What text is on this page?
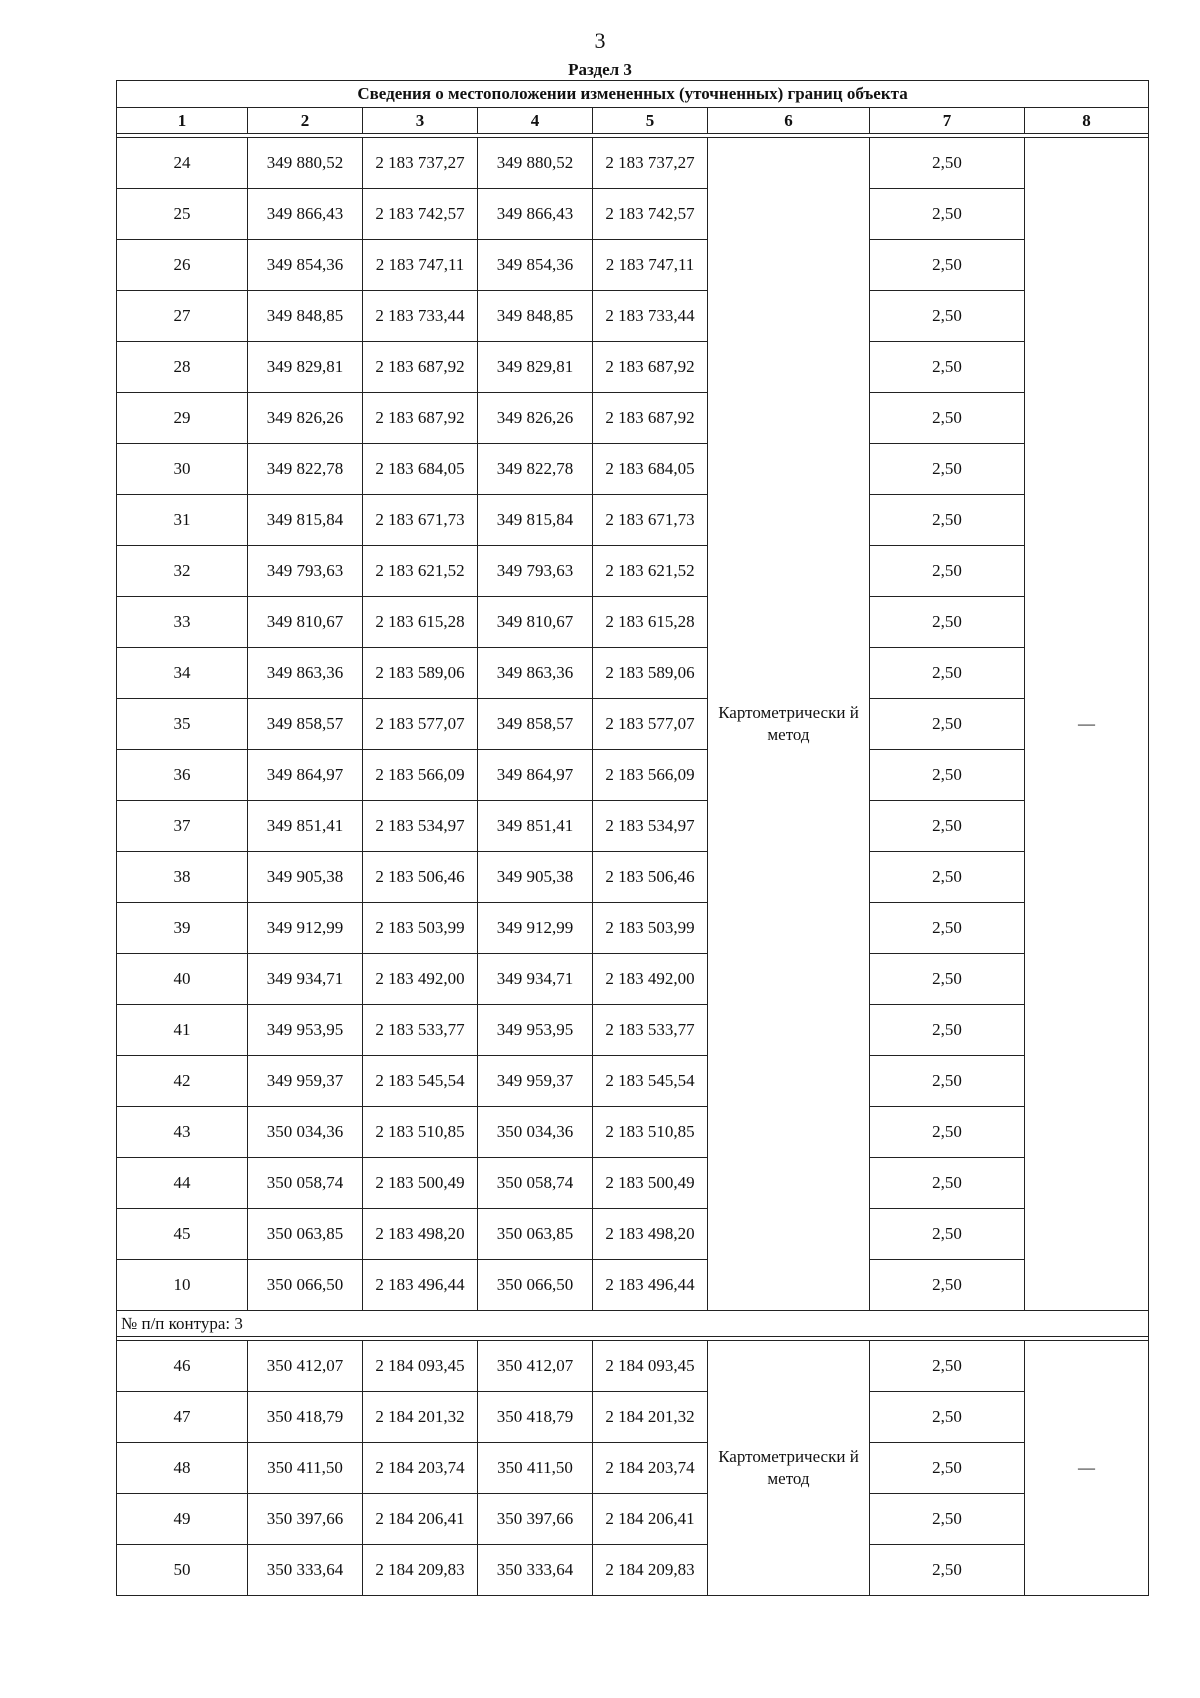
3
Раздел 3
Сведения о местоположении измененных (уточненных) границ объекта							
1	2	3	4	5	6	7	8

24	349 880,52	2 183 737,27	349 880,52	2 183 737,27	Картометрически й метод	2,50	—
25	349 866,43	2 183 742,57	349 866,43	2 183 742,57		2,50	
26	349 854,36	2 183 747,11	349 854,36	2 183 747,11		2,50	
27	349 848,85	2 183 733,44	349 848,85	2 183 733,44		2,50	
28	349 829,81	2 183 687,92	349 829,81	2 183 687,92		2,50	
29	349 826,26	2 183 687,92	349 826,26	2 183 687,92		2,50	
30	349 822,78	2 183 684,05	349 822,78	2 183 684,05		2,50	
31	349 815,84	2 183 671,73	349 815,84	2 183 671,73		2,50	
32	349 793,63	2 183 621,52	349 793,63	2 183 621,52		2,50	
33	349 810,67	2 183 615,28	349 810,67	2 183 615,28		2,50	
34	349 863,36	2 183 589,06	349 863,36	2 183 589,06		2,50	
35	349 858,57	2 183 577,07	349 858,57	2 183 577,07		2,50	
36	349 864,97	2 183 566,09	349 864,97	2 183 566,09		2,50	
37	349 851,41	2 183 534,97	349 851,41	2 183 534,97		2,50	
38	349 905,38	2 183 506,46	349 905,38	2 183 506,46		2,50	
39	349 912,99	2 183 503,99	349 912,99	2 183 503,99		2,50	
40	349 934,71	2 183 492,00	349 934,71	2 183 492,00		2,50	
41	349 953,95	2 183 533,77	349 953,95	2 183 533,77		2,50	
42	349 959,37	2 183 545,54	349 959,37	2 183 545,54		2,50	
43	350 034,36	2 183 510,85	350 034,36	2 183 510,85		2,50	
44	350 058,74	2 183 500,49	350 058,74	2 183 500,49		2,50	
45	350 063,85	2 183 498,20	350 063,85	2 183 498,20		2,50	
10	350 066,50	2 183 496,44	350 066,50	2 183 496,44		2,50	
№ п/п контура: 3							

46	350 412,07	2 184 093,45	350 412,07	2 184 093,45	Картометрически й метод	2,50	—
47	350 418,79	2 184 201,32	350 418,79	2 184 201,32		2,50	
48	350 411,50	2 184 203,74	350 411,50	2 184 203,74		2,50	
49	350 397,66	2 184 206,41	350 397,66	2 184 206,41		2,50	
50	350 333,64	2 184 209,83	350 333,64	2 184 209,83		2,50	
